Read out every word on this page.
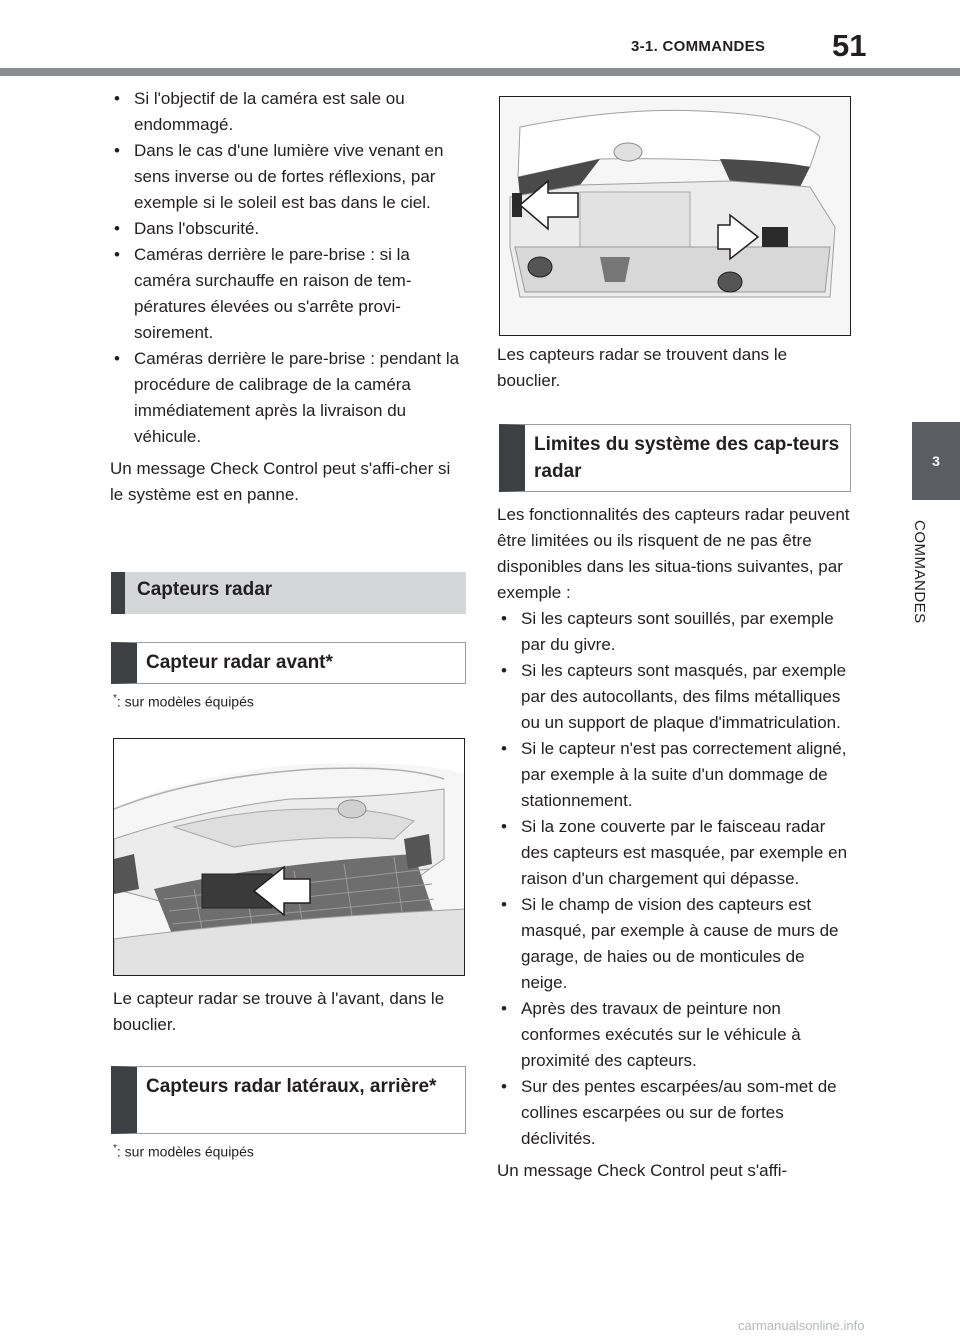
3-1. COMMANDES 51
3
COMMANDES
• Si l'objectif de la caméra est sale ou endommagé.
• Dans le cas d'une lumière vive venant en sens inverse ou de fortes réflexions, par exemple si le soleil est bas dans le ciel.
• Dans l'obscurité.
• Caméras derrière le pare-brise : si la caméra surchauffe en raison de tem-pératures élevées ou s'arrête provi-soirement.
• Caméras derrière le pare-brise : pendant la procédure de calibrage de la caméra immédiatement après la livraison du véhicule.

Un message Check Control peut s'affi-cher si le système est en panne.

Capteurs radar
Capteur radar avant*
*: sur modèles équipés
Le capteur radar se trouve à l'avant, dans le bouclier.
Capteurs radar latéraux, arrière*
*: sur modèles équipés
Les capteurs radar se trouvent dans le bouclier.
Limites du système des cap-teurs radar

Les fonctionnalités des capteurs radar peuvent être limitées ou ils risquent de ne pas être disponibles dans les situa-tions suivantes, par exemple :

• Si les capteurs sont souillés, par exemple par du givre.
• Si les capteurs sont masqués, par exemple par des autocollants, des films métalliques ou un support de plaque d'immatriculation.
• Si le capteur n'est pas correctement aligné, par exemple à la suite d'un dommage de stationnement.
• Si la zone couverte par le faisceau radar des capteurs est masquée, par exemple en raison d'un chargement qui dépasse.
• Si le champ de vision des capteurs est masqué, par exemple à cause de murs de garage, de haies ou de monticules de neige.
• Après des travaux de peinture non conformes exécutés sur le véhicule à proximité des capteurs.
• Sur des pentes escarpées/au som-met de collines escarpées ou sur de fortes déclivités.

Un message Check Control peut s'affi-

carmanualsonline.info
